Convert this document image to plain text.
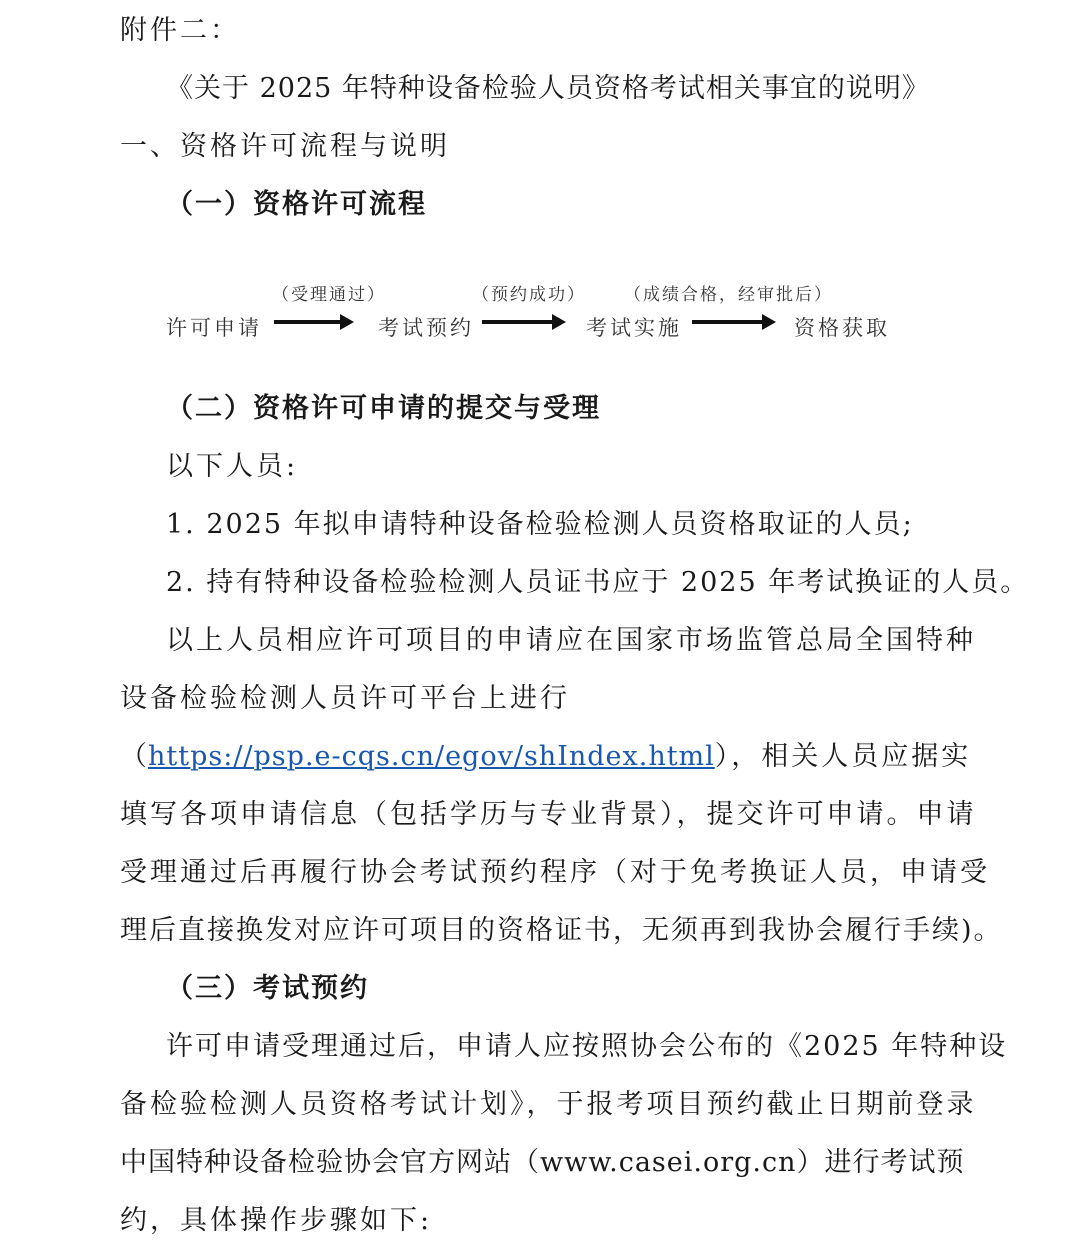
附件二：
《关于 2025 年特种设备检验人员资格考试相关事宜的说明》
一、资格许可流程与说明
（一）资格许可流程
（受理通过）	（预约成功） （成绩合格，经审批后）
许可申请	考试预约	考试实施	资格获取
（二）资格许可申请的提交与受理
以下人员:
1. 2025 年拟申请特种设备检验检测人员资格取证的人员;
2. 持有特种设备检验检测人员证书应于 2025 年考试换证的人员。
以上人员相应许可项目的申请应在国家市场监管总局全国特种
设备检验检测人员许可平台上进行
（https://psp.e-cqs.cn/egov/shIndex.html），相关人员应据实
填写各项申请信息（包括学历与专业背景），提交许可申请。申请
受理通过后再履行协会考试预约程序（对于免考换证人员，申请受
理后直接换发对应许可项目的资格证书，无须再到我协会履行手续)。
（三）考试预约
许可申请受理通过后，申请人应按照协会公布的《2025 年特种设
备检验检测人员资格考试计划》，于报考项目预约截止日期前登录
中国特种设备检验协会官方网站（www.casei.org.cn）进行考试预
约，具体操作步骤如下:
